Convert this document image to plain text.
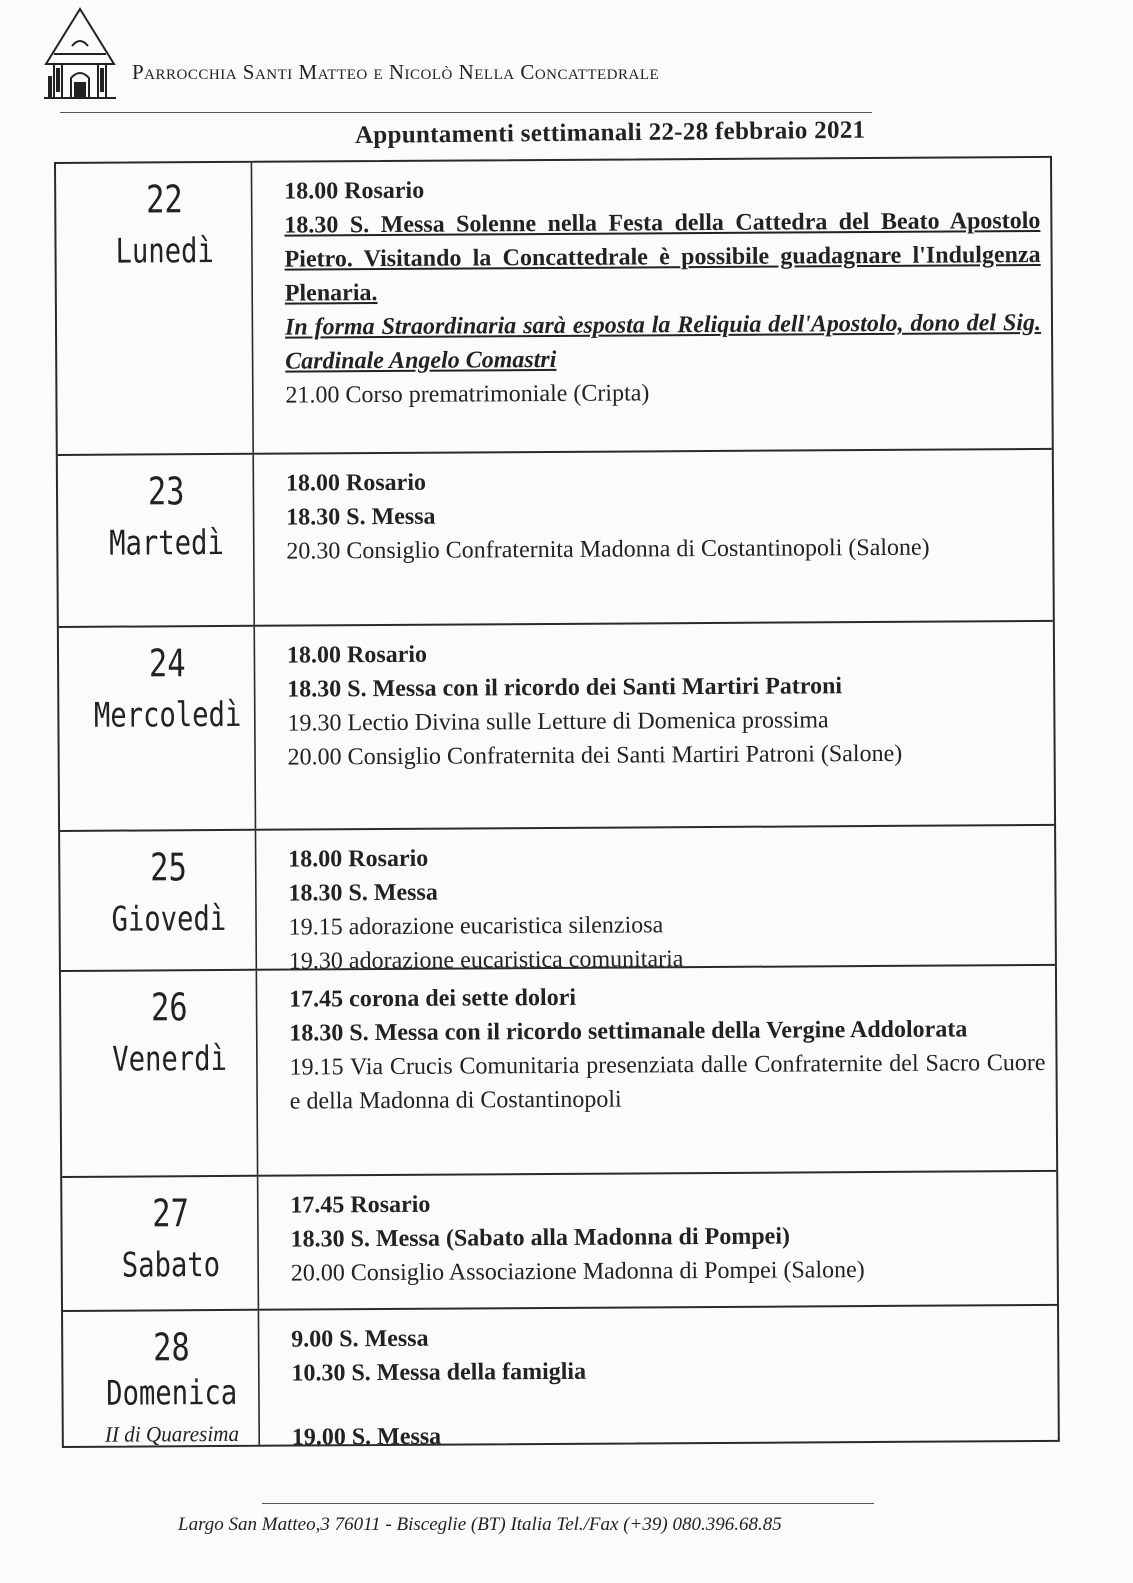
Parrocchia Santi Matteo e Nicolò Nella Concattedrale
Appuntamenti settimanali 22-28 febbraio 2021
22
Lunedì
18.00 Rosario
18.30 S. Messa Solenne nella Festa della Cattedra del Beato Apostolo Pietro. Visitando la Concattedrale è possibile guadagnare l'Indulgenza Plenaria.
In forma Straordinaria sarà esposta la Reliquia dell'Apostolo, dono del Sig. Cardinale Angelo Comastri
21.00 Corso prematrimoniale (Cripta)
23
Martedì
18.00 Rosario
18.30 S. Messa
20.30 Consiglio Confraternita Madonna di Costantinopoli (Salone)
24
Mercoledì
18.00 Rosario
18.30 S. Messa con il ricordo dei Santi Martiri Patroni
19.30 Lectio Divina sulle Letture di Domenica prossima
20.00 Consiglio Confraternita dei Santi Martiri Patroni (Salone)
25
Giovedì
18.00 Rosario
18.30 S. Messa
19.15 adorazione eucaristica silenziosa
19.30 adorazione eucaristica comunitaria
26
Venerdì
17.45 corona dei sette dolori
18.30 S. Messa con il ricordo settimanale della Vergine Addolorata
19.15 Via Crucis Comunitaria presenziata dalle Confraternite del Sacro Cuore e della Madonna di Costantinopoli
27
Sabato
17.45 Rosario
18.30 S. Messa (Sabato alla Madonna di Pompei)
20.00 Consiglio Associazione Madonna di Pompei (Salone)
28
Domenica
II di Quaresima
9.00 S. Messa
10.30 S. Messa della famiglia
19.00 S. Messa
Largo San Matteo,3 76011 - Bisceglie (BT) Italia Tel./Fax (+39) 080.396.68.85
